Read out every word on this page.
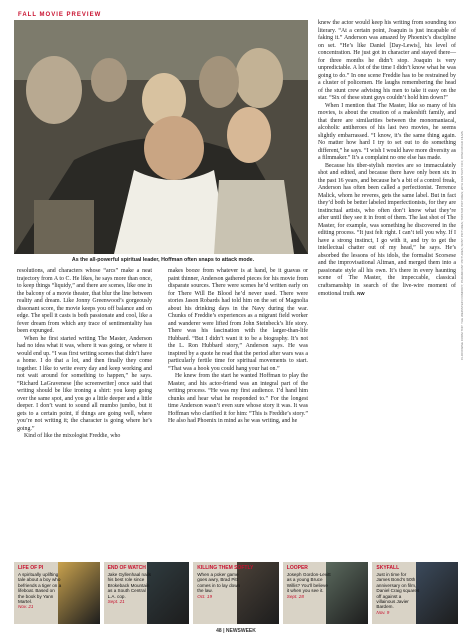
FALL MOVIE PREVIEW
As the all-powerful spiritual leader, Hoffman often snaps to attack mode.

resolutions, and characters whose “arcs” make a neat trajectory from A to C. He likes, he says more than once, to keep things “liquidy,” and there are scenes, like one in the balcony of a movie theater, that blur the line between reality and dream. Like Jonny Greenwood’s gorgeously dissonant score, the movie keeps you off balance and on edge. The spell it casts is both passionate and cool, like a fever dream from which any trace of sentimentality has been expunged.

When he first started writing The Master, Anderson had no idea what it was, where it was going, or where it would end up. “I was first writing scenes that didn’t have a home. I do that a lot, and then finally they come together. I like to write every day and keep working and not wait around for something to happen,” he says. “Richard LaGravenese [the screenwriter] once said that writing should be like ironing a shirt: you keep going over the same spot, and you go a little deeper and a little deeper. I don’t want to sound all mumbo jumbo, but it gets to a certain point, if things are going well, where you’re not writing it; the character is going where he’s going.”

Kind of like the mixologist Freddie, who

makes booze from whatever is at hand, be it guavas or paint thinner, Anderson gathered pieces for his movie from disparate sources. There were scenes he’d written early on for There Will Be Blood he’d never used. There were stories Jason Robards had told him on the set of Magnolia about his drinking days in the Navy during the war. Chunks of Freddie’s experiences as a migrant field worker and wanderer were lifted from John Steinbeck’s life story. There was his fascination with the larger-than-life Hubbard. “But I didn’t want it to be a biography. It’s not the L. Ron Hubbard story,” Anderson says. He was inspired by a quote he read that the period after wars was a particularly fertile time for spiritual movements to start. “That was a hook you could hang your hat on.”

He knew from the start he wanted Hoffman to play the Master, and his actor-friend was an integral part of the writing process. “He was my first audience. I’d hand him chunks and hear what he responded to.” For the longest time Anderson wasn’t even sure whose story it was. It was Hoffman who clarified it for him: “This is Freddie’s story.” He also had Phoenix in mind as he was writing, and he

knew the actor would keep his writing from sounding too literary. “At a certain point, Joaquin is just incapable of faking it.” Anderson was amazed by Phoenix’s discipline on set. “He’s like Daniel [Day-Lewis], his level of concentration. He just got in character and stayed there—for three months he didn’t stop. Joaquin is very unpredictable. A lot of the time I didn’t know what he was going to do.” In one scene Freddie has to be restrained by a cluster of policemen. He laughs remembering the head of the stunt crew advising his men to take it easy on the star. “Six of these stunt guys couldn’t hold him down!”

When I mention that The Master, like so many of his movies, is about the creation of a makeshift family, and that there are similarities between the monomaniacal, alcoholic antiheroes of his last two movies, he seems slightly embarrassed. “I know, it’s the same thing again. No matter how hard I try to set out to do something different,” he says. “I wish I would have more diversity as a filmmaker.” It’s a complaint no one else has made.

Because his über-stylish movies are so immaculately shot and edited, and because there have only been six in the past 16 years, and because he’s a bit of a control freak, Anderson has often been called a perfectionist. Terrence Malick, whom he reveres, gets the same label. But in fact they’d both be better labeled imperfectionists, for they are instinctual artists, who often don’t know what they’re after until they see it in front of them. The last shot of The Master, for example, was something he discovered in the editing process. “It just felt right. I can’t tell you why. If I have a strong instinct, I go with it, and try to get the intellectual chatter out of my head,” he says. He’s absorbed the lessons of his idols, the formalist Scorsese and the improvisational Altman, and merged them into a passionate style all his own. It’s there in every haunting scene of The Master, the impeccable, classical craftsmanship in search of the live-wire moment of emotional truth. NW	CLOCKWISE FROM TOP: THE WEINSTEIN COMPANY; PARAMOUNT PICTURES; SONY PICTURES; TRISTAR PICTURES; 20TH CENTURY FOX; OPEN ROAD FILMS
LIFE OF PI
A spiritually uplifting tale about a boy who befriends a tiger on a lifeboat. Based on the book by Yann Martel.
Nov. 21
END OF WATCH
Jake Gyllenhaal nails his best role since Brokeback Mountain as a South Central L.A. cop.
Sept. 21
KILLING THEM SOFTLY
When a poker game goes awry, Brad Pitt comes in to lay down the law.
Oct. 19
LOOPER
Joseph Gordon-Levitt as a young Bruce Willis? You’ll believe it when you see it.
Sept. 28
SKYFALL
Just in time for James Bond’s 50th anniversary on film, Daniel Craig squares off against a villainous Javier Bardem.
Nov. 9
48 | NEWSWEEK
